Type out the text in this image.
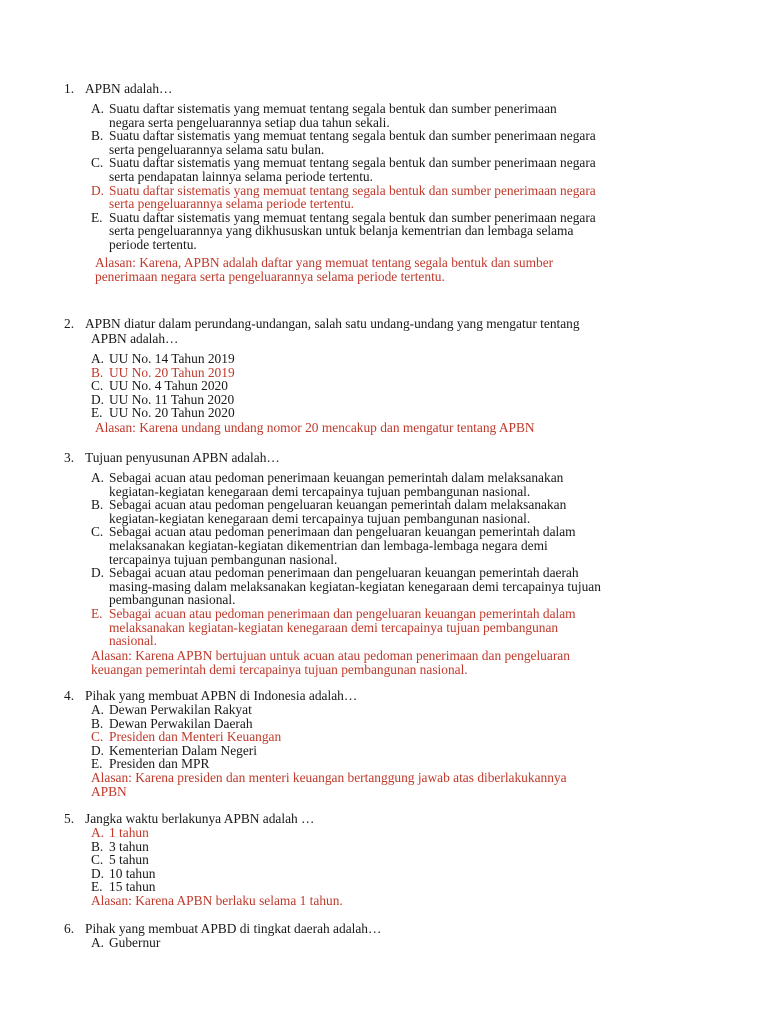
1. APBN adalah…
A. Suatu daftar sistematis yang memuat tentang segala bentuk dan sumber penerimaan
negara serta pengeluarannya setiap dua tahun sekali.
B. Suatu daftar sistematis yang memuat tentang segala bentuk dan sumber penerimaan negara
serta pengeluarannya selama satu bulan.
C. Suatu daftar sistematis yang memuat tentang segala bentuk dan sumber penerimaan negara
serta pendapatan lainnya selama periode tertentu.
D. Suatu daftar sistematis yang memuat tentang segala bentuk dan sumber penerimaan negara
serta pengeluarannya selama periode tertentu.
E. Suatu daftar sistematis yang memuat tentang segala bentuk dan sumber penerimaan negara
serta pengeluarannya yang dikhususkan untuk belanja kementrian dan lembaga selama
periode tertentu.
Alasan: Karena, APBN adalah daftar yang memuat tentang segala bentuk dan sumber
penerimaan negara serta pengeluarannya selama periode tertentu.
2. APBN diatur dalam perundang-undangan, salah satu undang-undang yang mengatur tentang
APBN adalah…
A. UU No. 14 Tahun 2019
B. UU No. 20 Tahun 2019
C. UU No. 4 Tahun 2020
D. UU No. 11 Tahun 2020
E. UU No. 20 Tahun 2020
Alasan: Karena undang undang nomor 20 mencakup dan mengatur tentang APBN
3. Tujuan penyusunan APBN adalah…
A. Sebagai acuan atau pedoman penerimaan keuangan pemerintah dalam melaksanakan
kegiatan-kegiatan kenegaraan demi tercapainya tujuan pembangunan nasional.
B. Sebagai acuan atau pedoman pengeluaran keuangan pemerintah dalam melaksanakan
kegiatan-kegiatan kenegaraan demi tercapainya tujuan pembangunan nasional.
C. Sebagai acuan atau pedoman penerimaan dan pengeluaran keuangan pemerintah dalam
melaksanakan kegiatan-kegiatan dikementrian dan lembaga-lembaga negara demi
tercapainya tujuan pembangunan nasional.
D. Sebagai acuan atau pedoman penerimaan dan pengeluaran keuangan pemerintah daerah
masing-masing dalam melaksanakan kegiatan-kegiatan kenegaraan demi tercapainya tujuan
pembangunan nasional.
E. Sebagai acuan atau pedoman penerimaan dan pengeluaran keuangan pemerintah dalam
melaksanakan kegiatan-kegiatan kenegaraan demi tercapainya tujuan pembangunan
nasional.
Alasan: Karena APBN bertujuan untuk acuan atau pedoman penerimaan dan pengeluaran
keuangan pemerintah demi tercapainya tujuan pembangunan nasional.
4. Pihak yang membuat APBN di Indonesia adalah…
A. Dewan Perwakilan Rakyat
B. Dewan Perwakilan Daerah
C. Presiden dan Menteri Keuangan
D. Kementerian Dalam Negeri
E. Presiden dan MPR
Alasan: Karena presiden dan menteri keuangan bertanggung jawab atas diberlakukannya
APBN
5. Jangka waktu berlakunya APBN adalah …
A. 1 tahun
B. 3 tahun
C. 5 tahun
D. 10 tahun
E. 15 tahun
Alasan: Karena APBN berlaku selama 1 tahun.
6. Pihak yang membuat APBD di tingkat daerah adalah…
A. Gubernur
